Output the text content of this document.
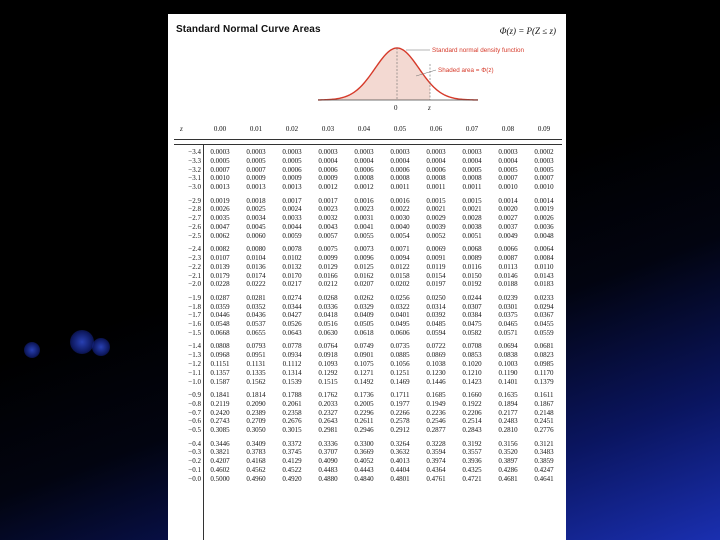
Standard Normal Curve Areas	Φ(z) = P(Z ≤ z)
Standard normal density function
Shaded area = Φ(z)
0	z
z	0.00	0.01	0.02	0.03	0.04	0.05	0.06	0.07	0.08	0.09
−3.4	0.0003	0.0003	0.0003	0.0003	0.0003	0.0003	0.0003	0.0003	0.0003	0.0002
−3.3	0.0005	0.0005	0.0005	0.0004	0.0004	0.0004	0.0004	0.0004	0.0004	0.0003
−3.2	0.0007	0.0007	0.0006	0.0006	0.0006	0.0006	0.0006	0.0005	0.0005	0.0005
−3.1	0.0010	0.0009	0.0009	0.0009	0.0008	0.0008	0.0008	0.0008	0.0007	0.0007
−3.0	0.0013	0.0013	0.0013	0.0012	0.0012	0.0011	0.0011	0.0011	0.0010	0.0010
−2.9	0.0019	0.0018	0.0017	0.0017	0.0016	0.0016	0.0015	0.0015	0.0014	0.0014
−2.8	0.0026	0.0025	0.0024	0.0023	0.0023	0.0022	0.0021	0.0021	0.0020	0.0019
−2.7	0.0035	0.0034	0.0033	0.0032	0.0031	0.0030	0.0029	0.0028	0.0027	0.0026
−2.6	0.0047	0.0045	0.0044	0.0043	0.0041	0.0040	0.0039	0.0038	0.0037	0.0036
−2.5	0.0062	0.0060	0.0059	0.0057	0.0055	0.0054	0.0052	0.0051	0.0049	0.0048
−2.4	0.0082	0.0080	0.0078	0.0075	0.0073	0.0071	0.0069	0.0068	0.0066	0.0064
−2.3	0.0107	0.0104	0.0102	0.0099	0.0096	0.0094	0.0091	0.0089	0.0087	0.0084
−2.2	0.0139	0.0136	0.0132	0.0129	0.0125	0.0122	0.0119	0.0116	0.0113	0.0110
−2.1	0.0179	0.0174	0.0170	0.0166	0.0162	0.0158	0.0154	0.0150	0.0146	0.0143
−2.0	0.0228	0.0222	0.0217	0.0212	0.0207	0.0202	0.0197	0.0192	0.0188	0.0183
−1.9	0.0287	0.0281	0.0274	0.0268	0.0262	0.0256	0.0250	0.0244	0.0239	0.0233
−1.8	0.0359	0.0352	0.0344	0.0336	0.0329	0.0322	0.0314	0.0307	0.0301	0.0294
−1.7	0.0446	0.0436	0.0427	0.0418	0.0409	0.0401	0.0392	0.0384	0.0375	0.0367
−1.6	0.0548	0.0537	0.0526	0.0516	0.0505	0.0495	0.0485	0.0475	0.0465	0.0455
−1.5	0.0668	0.0655	0.0643	0.0630	0.0618	0.0606	0.0594	0.0582	0.0571	0.0559
−1.4	0.0808	0.0793	0.0778	0.0764	0.0749	0.0735	0.0722	0.0708	0.0694	0.0681
−1.3	0.0968	0.0951	0.0934	0.0918	0.0901	0.0885	0.0869	0.0853	0.0838	0.0823
−1.2	0.1151	0.1131	0.1112	0.1093	0.1075	0.1056	0.1038	0.1020	0.1003	0.0985
−1.1	0.1357	0.1335	0.1314	0.1292	0.1271	0.1251	0.1230	0.1210	0.1190	0.1170
−1.0	0.1587	0.1562	0.1539	0.1515	0.1492	0.1469	0.1446	0.1423	0.1401	0.1379
−0.9	0.1841	0.1814	0.1788	0.1762	0.1736	0.1711	0.1685	0.1660	0.1635	0.1611
−0.8	0.2119	0.2090	0.2061	0.2033	0.2005	0.1977	0.1949	0.1922	0.1894	0.1867
−0.7	0.2420	0.2389	0.2358	0.2327	0.2296	0.2266	0.2236	0.2206	0.2177	0.2148
−0.6	0.2743	0.2709	0.2676	0.2643	0.2611	0.2578	0.2546	0.2514	0.2483	0.2451
−0.5	0.3085	0.3050	0.3015	0.2981	0.2946	0.2912	0.2877	0.2843	0.2810	0.2776
−0.4	0.3446	0.3409	0.3372	0.3336	0.3300	0.3264	0.3228	0.3192	0.3156	0.3121
−0.3	0.3821	0.3783	0.3745	0.3707	0.3669	0.3632	0.3594	0.3557	0.3520	0.3483
−0.2	0.4207	0.4168	0.4129	0.4090	0.4052	0.4013	0.3974	0.3936	0.3897	0.3859
−0.1	0.4602	0.4562	0.4522	0.4483	0.4443	0.4404	0.4364	0.4325	0.4286	0.4247
−0.0	0.5000	0.4960	0.4920	0.4880	0.4840	0.4801	0.4761	0.4721	0.4681	0.4641
